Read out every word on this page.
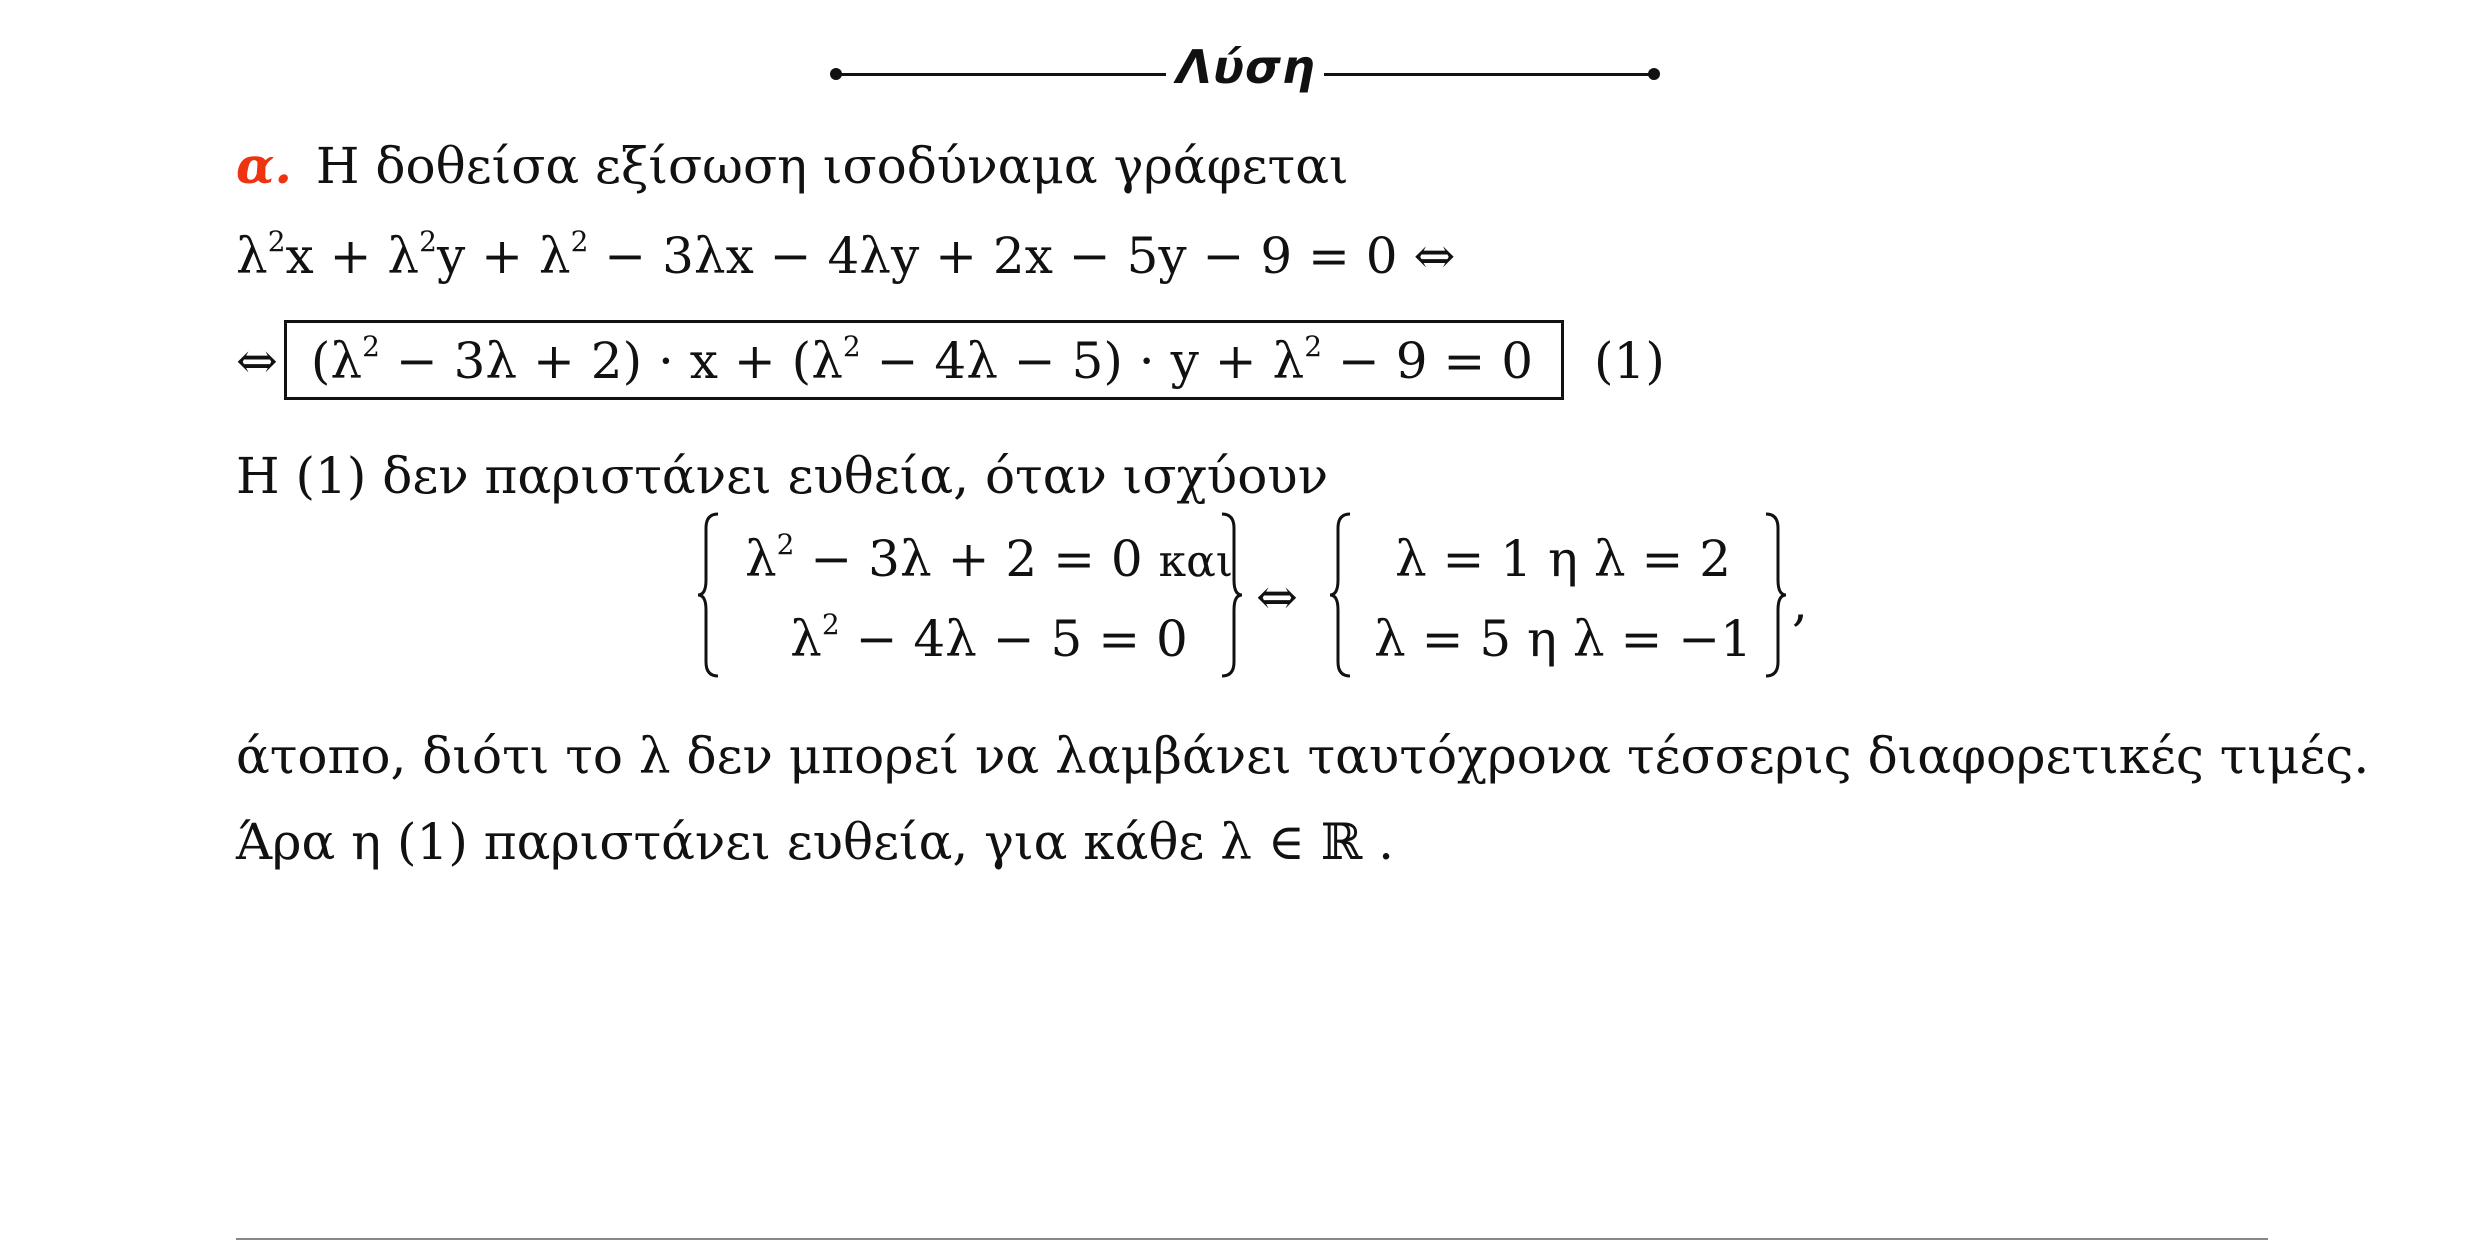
Λύση
α. Η δοθείσα εξίσωση ισοδύναμα γράφεται
$\lambda^2x + \lambda^2y + \lambda^2 - 3\lambda x - 4\lambda y + 2x - 5y - 9 = 0$ ⇔
⇔ $(\lambda^2 - 3\lambda + 2) \cdot x + (\lambda^2 - 4\lambda - 5) \cdot y + \lambda^2 - 9 = 0$ (1)
Η (1) δεν παριστάνει ευθεία, όταν ισχύουν
$\lambda^2 - 3\lambda + 2 = 0$ και
$\lambda^2 - 4\lambda - 5 = 0$
⇔
λ = 1 η λ = 2
λ = 5 η λ = −1
,
άτοπο, διότι το λ δεν μπορεί να λαμβάνει ταυτόχρονα τέσσερις διαφορετικές τιμές.
Άρα η (1) παριστάνει ευθεία, για κάθε λ ∈ ℝ .
